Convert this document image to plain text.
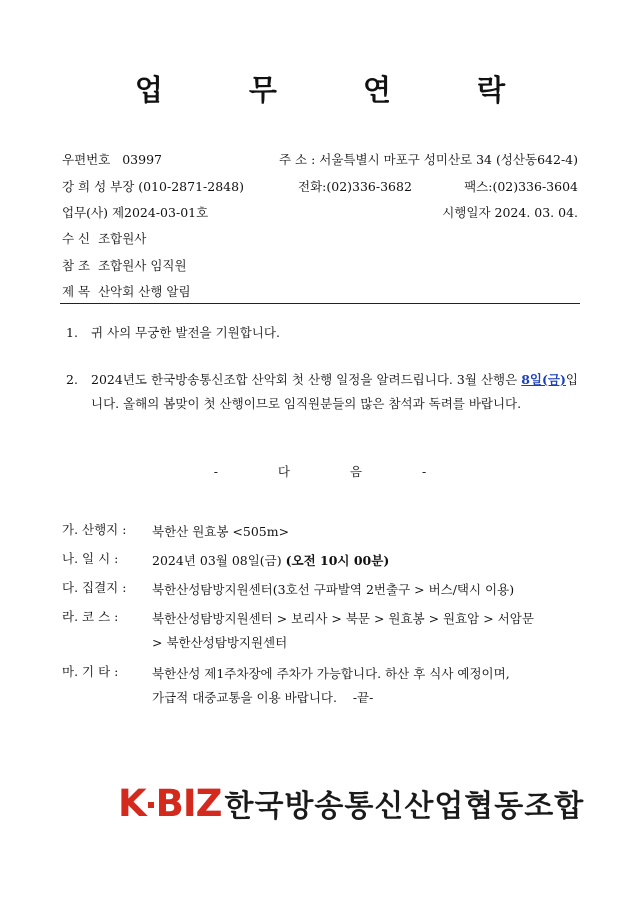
업 무 연 락
우편번호 03997	주 소 : 서울특별시 마포구 성미산로 34 (성산동642-4)
강 희 성 부장 (010-2871-2848)	전화:(02)336-3682	팩스:(02)336-3604
업무(사) 제2024-03-01호	시행일자 2024. 03. 04.
수 신  조합원사
참 조  조합원사 임직원
제 목  산악회 산행 알림
1. 귀 사의 무궁한 발전을 기원합니다.
2. 2024년도 한국방송통신조합 산악회 첫 산행 일정을 알려드립니다. 3월 산행은 8일(금)입니다. 올해의 봄맞이 첫 산행이므로 임직원분들의 많은 참석과 독려를 바랍니다.
- 다 음 -
가. 산행지 : 북한산 원효봉 <505m>
나. 일 시 :	2024년 03월 08일(금) (오전 10시 00분)
다. 집결지 : 북한산성탐방지원센터(3호선 구파발역 2번출구 > 버스/택시 이용)
라. 코 스 :	북한산성탐방지원센터 > 보리사 > 북문 > 원효봉 > 원효암 > 서암문
> 북한산성탐방지원센터
마. 기 타 :	북한산성 제1주차장에 주차가 가능합니다. 하산 후 식사 예정이며,
가급적 대중교통을 이용 바랍니다.    -끝-
K BIZ 한국방송통신산업협동조합
